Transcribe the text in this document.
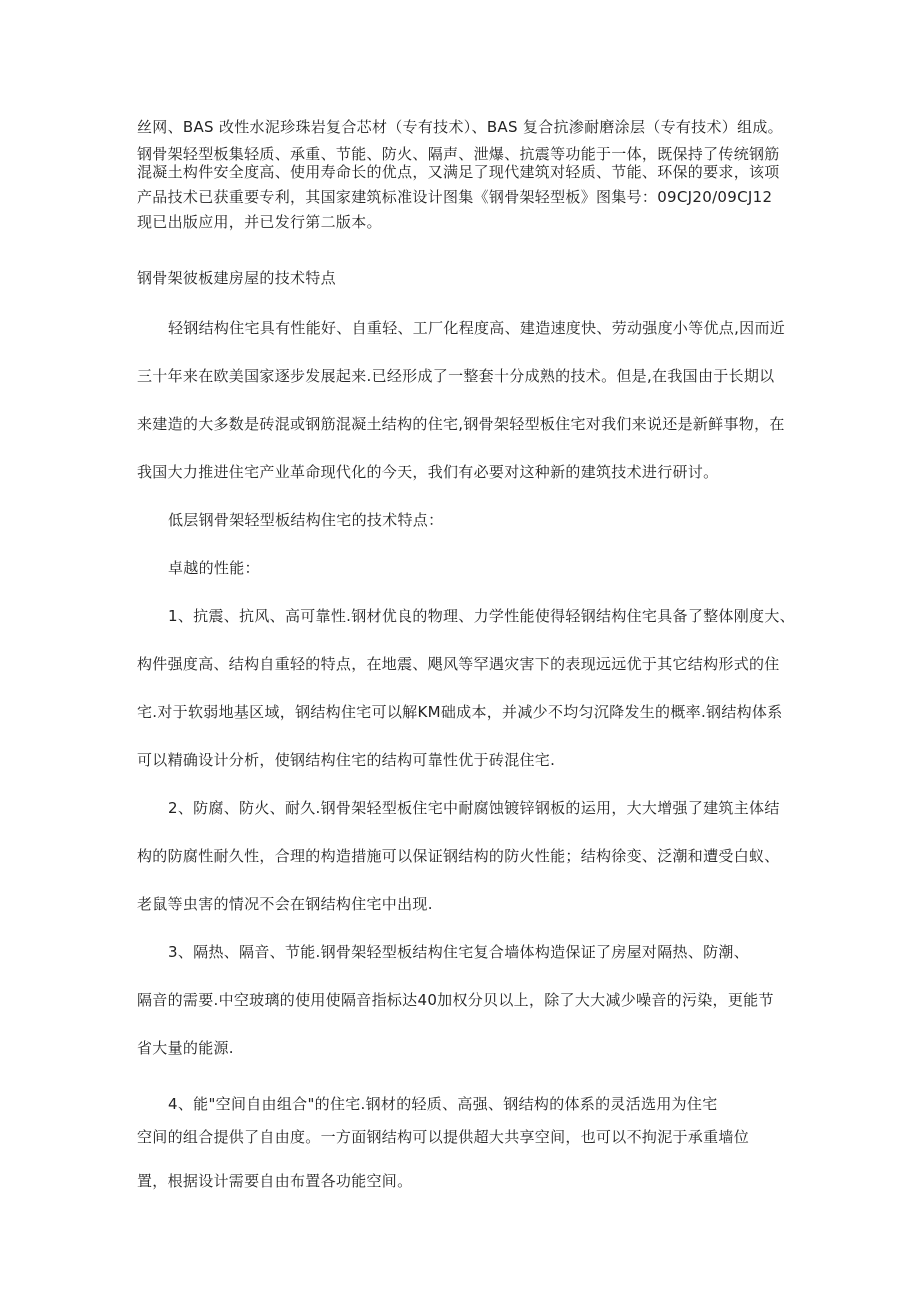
丝网、BAS 改性水泥珍珠岩复合芯材（专有技术）、BAS 复合抗渗耐磨涂层（专有技术）组成。
钢骨架轻型板集轻质、承重、节能、防火、隔声、泄爆、抗震等功能于一体，既保持了传统钢筋
混凝土构件安全度高、使用寿命长的优点，又满足了现代建筑对轻质、节能、环保的要求，该项
产品技术已获重要专利，其国家建筑标准设计图集《钢骨架轻型板》图集号：09CJ20/09CJ12
现已出版应用，并已发行第二版本。
钢骨架彼板建房屋的技术特点
轻钢结构住宅具有性能好、自重轻、工厂化程度高、建造速度快、劳动强度小等优点,因而近
三十年来在欧美国家逐步发展起来.已经形成了一整套十分成熟的技术。但是,在我国由于长期以
来建造的大多数是砖混或钢筋混凝土结构的住宅,钢骨架轻型板住宅对我们来说还是新鲜事物，在
我国大力推进住宅产业革命现代化的今天，我们有必要对这种新的建筑技术进行研讨。
低层钢骨架轻型板结构住宅的技术特点：
卓越的性能：
1、抗震、抗风、高可靠性.钢材优良的物理、力学性能使得轻钢结构住宅具备了整体刚度大、
构件强度高、结构自重轻的特点，在地震、飓风等罕遇灾害下的表现远远优于其它结构形式的住
宅.对于软弱地基区域，钢结构住宅可以解KM础成本，并减少不均匀沉降发生的概率.钢结构体系
可以精确设计分析，使钢结构住宅的结构可靠性优于砖混住宅.
2、防腐、防火、耐久.钢骨架轻型板住宅中耐腐蚀镀锌钢板的运用，大大增强了建筑主体结
构的防腐性耐久性，合理的构造措施可以保证钢结构的防火性能；结构徐变、泛潮和遭受白蚁、
老鼠等虫害的情况不会在钢结构住宅中出现.
3、隔热、隔音、节能.钢骨架轻型板结构住宅复合墙体构造保证了房屋对隔热、防潮、
隔音的需要.中空玻璃的使用使隔音指标达40加权分贝以上，除了大大减少噪音的污染，更能节
省大量的能源.
4、能"空间自由组合"的住宅.钢材的轻质、高强、钢结构的体系的灵活选用为住宅
空间的组合提供了自由度。一方面钢结构可以提供超大共享空间，也可以不拘泥于承重墙位
置，根据设计需要自由布置各功能空间。
